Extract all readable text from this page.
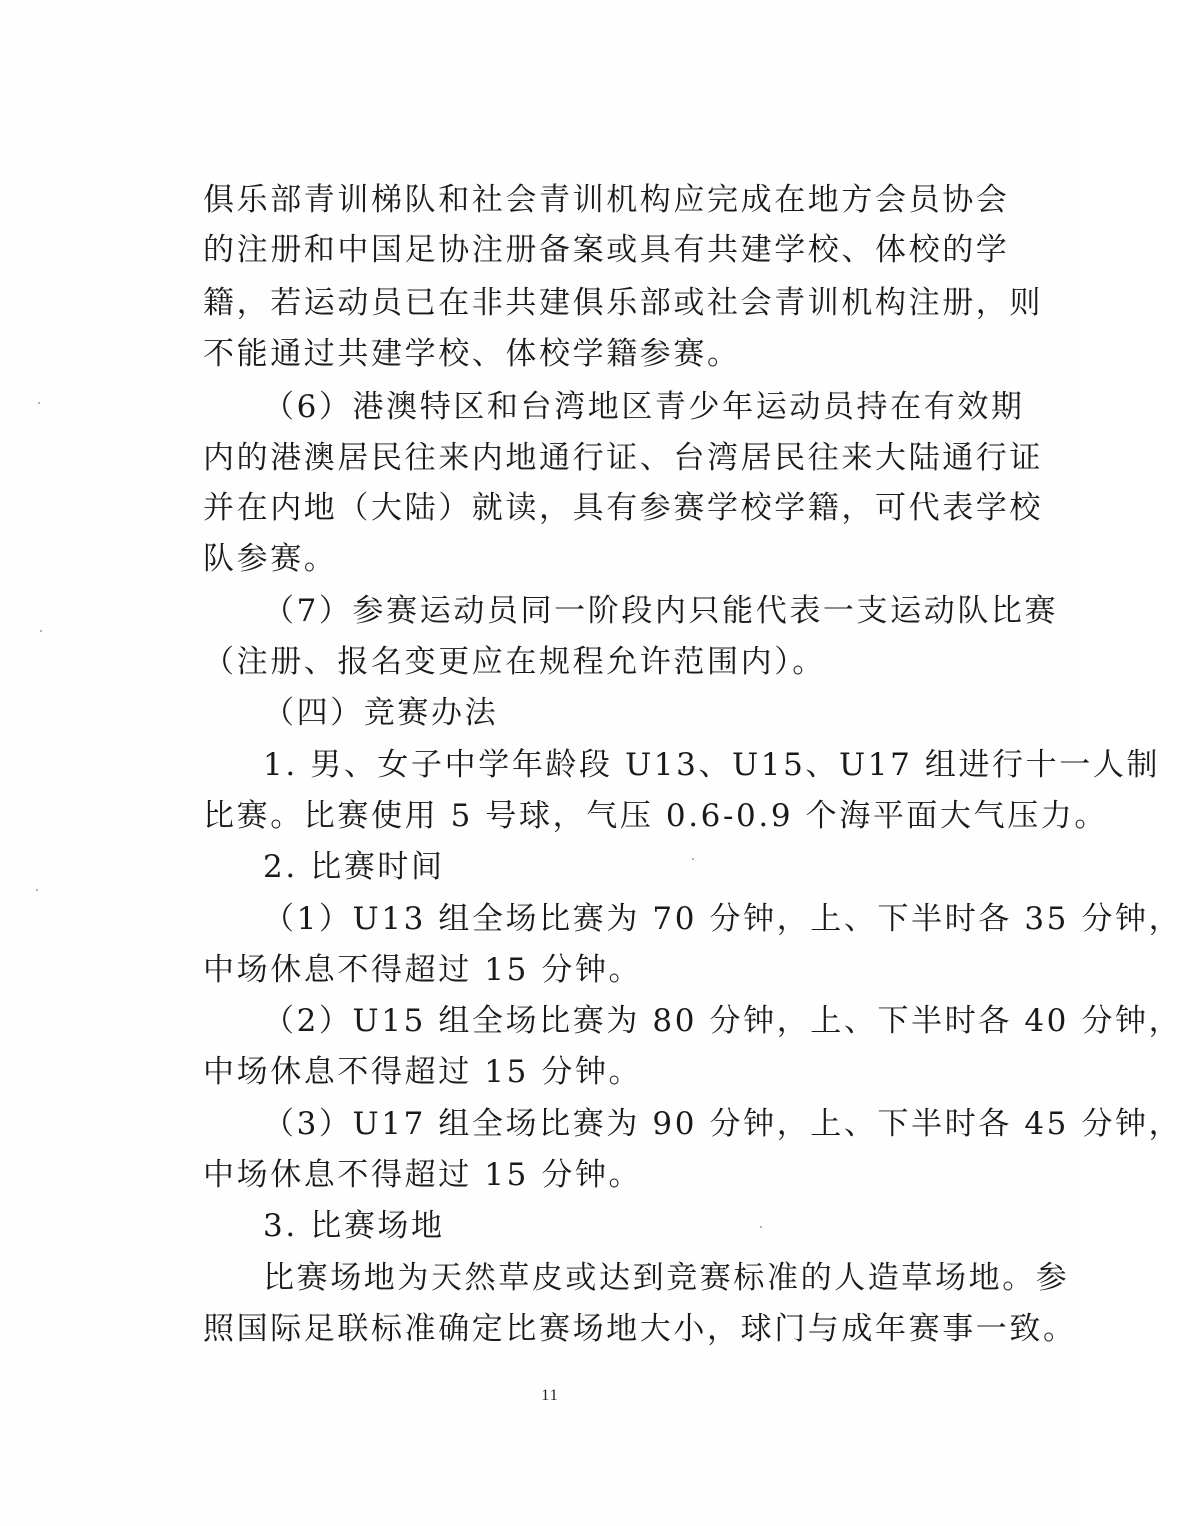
俱乐部青训梯队和社会青训机构应完成在地方会员协会
的注册和中国足协注册备案或具有共建学校、体校的学
籍，若运动员已在非共建俱乐部或社会青训机构注册，则
不能通过共建学校、体校学籍参赛。
（6）港澳特区和台湾地区青少年运动员持在有效期
内的港澳居民往来内地通行证、台湾居民往来大陆通行证
并在内地（大陆）就读，具有参赛学校学籍，可代表学校
队参赛。
（7）参赛运动员同一阶段内只能代表一支运动队比赛
（注册、报名变更应在规程允许范围内）。
（四）竞赛办法
1. 男、女子中学年龄段 U13、U15、U17 组进行十一人制
比赛。比赛使用 5 号球，气压 0.6-0.9 个海平面大气压力。
2. 比赛时间
（1）U13 组全场比赛为 70 分钟，上、下半时各 35 分钟，
中场休息不得超过 15 分钟。
（2）U15 组全场比赛为 80 分钟，上、下半时各 40 分钟，
中场休息不得超过 15 分钟。
（3）U17 组全场比赛为 90 分钟，上、下半时各 45 分钟，
中场休息不得超过 15 分钟。
3. 比赛场地
比赛场地为天然草皮或达到竞赛标准的人造草场地。参
照国际足联标准确定比赛场地大小，球门与成年赛事一致。
11
